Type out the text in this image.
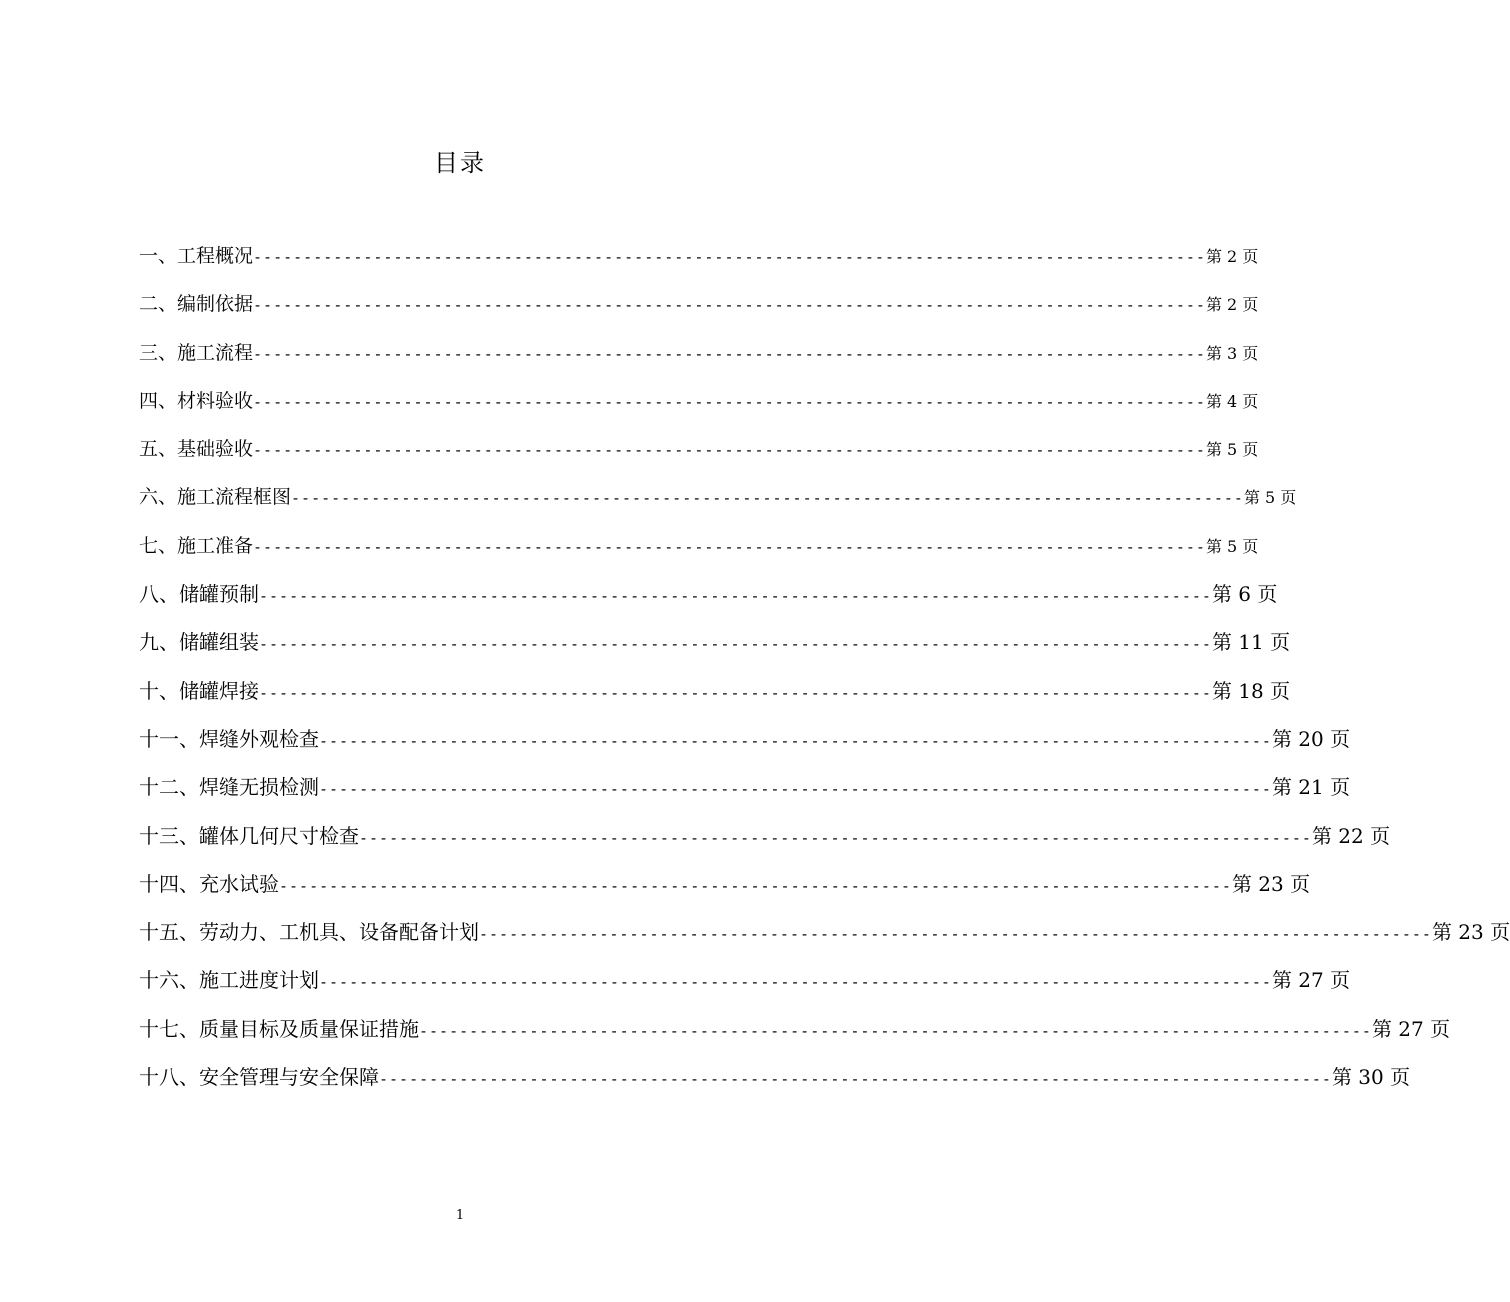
目录
一、工程概况 ----------------------------------------------------------------------------------------------- 第 2 页
二、编制依据 ----------------------------------------------------------------------------------------------- 第 2 页
三、施工流程 ----------------------------------------------------------------------------------------------- 第 3 页
四、材料验收 ----------------------------------------------------------------------------------------------- 第 4 页
五、基础验收 ----------------------------------------------------------------------------------------------- 第 5 页
六、施工流程框图 ----------------------------------------------------------------------------------------------- 第 5 页
七、施工准备 ----------------------------------------------------------------------------------------------- 第 5 页
八、储罐预制 ----------------------------------------------------------------------------------------------- 第 6 页
九、储罐组装 ----------------------------------------------------------------------------------------------- 第 11 页
十、储罐焊接 ----------------------------------------------------------------------------------------------- 第 18 页
十一、焊缝外观检查 ----------------------------------------------------------------------------------------------- 第 20 页
十二、焊缝无损检测 ----------------------------------------------------------------------------------------------- 第 21 页
十三、罐体几何尺寸检查 ----------------------------------------------------------------------------------------------- 第 22 页
十四、充水试验 ----------------------------------------------------------------------------------------------- 第 23 页
十五、劳动力、工机具、设备配备计划 ----------------------------------------------------------------------------------------------- 第 23 页
十六、施工进度计划 ----------------------------------------------------------------------------------------------- 第 27 页
十七、质量目标及质量保证措施 ----------------------------------------------------------------------------------------------- 第 27 页
十八、安全管理与安全保障 ----------------------------------------------------------------------------------------------- 第 30 页
1
